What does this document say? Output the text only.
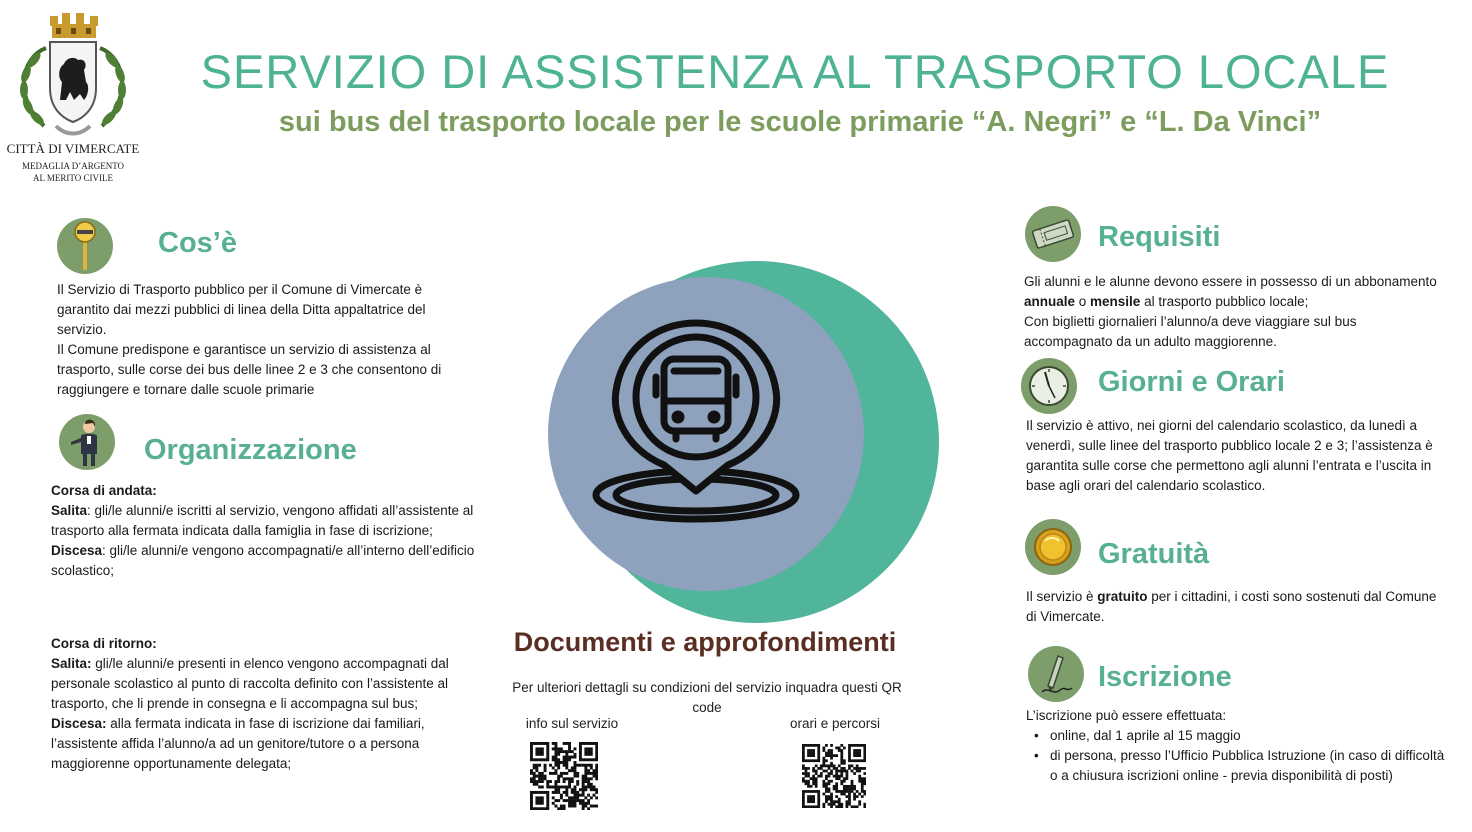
CITTÀ DI VIMERCATE
MEDAGLIA D’ARGENTO
AL MERITO CIVILE
SERVIZIO DI ASSISTENZA AL TRASPORTO LOCALE
sui bus del trasporto locale per le scuole primarie “A. Negri” e “L. Da Vinci”
Cos’è
Il Servizio di Trasporto pubblico per il Comune di Vimercate è garantito dai mezzi pubblici di linea della Ditta appaltatrice del servizio.
Il Comune predispone e garantisce un servizio di assistenza al trasporto, sulle corse dei bus delle linee 2 e 3 che consentono di raggiungere e tornare dalle scuole primarie
Organizzazione
Corsa di andata:
Salita: gli/le alunni/e iscritti al servizio, vengono affidati all’assistente al trasporto alla fermata indicata dalla famiglia in fase di iscrizione;
Discesa: gli/le alunni/e vengono accompagnati/e all’interno dell’edificio scolastico;
Corsa di ritorno:
Salita: gli/le alunni/e presenti in elenco vengono accompagnati dal personale scolastico al punto di raccolta definito con l’assistente al trasporto, che li prende in consegna e li accompagna sul bus;
Discesa: alla fermata indicata in fase di iscrizione dai familiari, l’assistente affida l’alunno/a ad un genitore/tutore o a persona maggiorenne opportunamente delegata;
Documenti e approfondimenti
Per ulteriori dettagli su condizioni del servizio inquadra questi QR code
info sul servizio	orari e percorsi
Requisiti
Gli alunni e le alunne devono essere in possesso di un abbonamento annuale o mensile al trasporto pubblico locale;
Con biglietti giornalieri l’alunno/a deve viaggiare sul bus accompagnato da un adulto maggiorenne.
Giorni e Orari
Il servizio è attivo, nei giorni del calendario scolastico, da lunedì a venerdì, sulle linee del trasporto pubblico locale 2 e 3; l’assistenza è garantita sulle corse che permettono agli alunni l’entrata e l’uscita in base agli orari del calendario scolastico.
Gratuità
Il servizio è gratuito per i cittadini, i costi sono sostenuti dal Comune di Vimercate.
Iscrizione
L’iscrizione può essere effettuata:
• online, dal 1 aprile al 15 maggio
• di persona, presso l’Ufficio Pubblica Istruzione (in caso di difficoltà o a chiusura iscrizioni online - previa disponibilità di posti)
